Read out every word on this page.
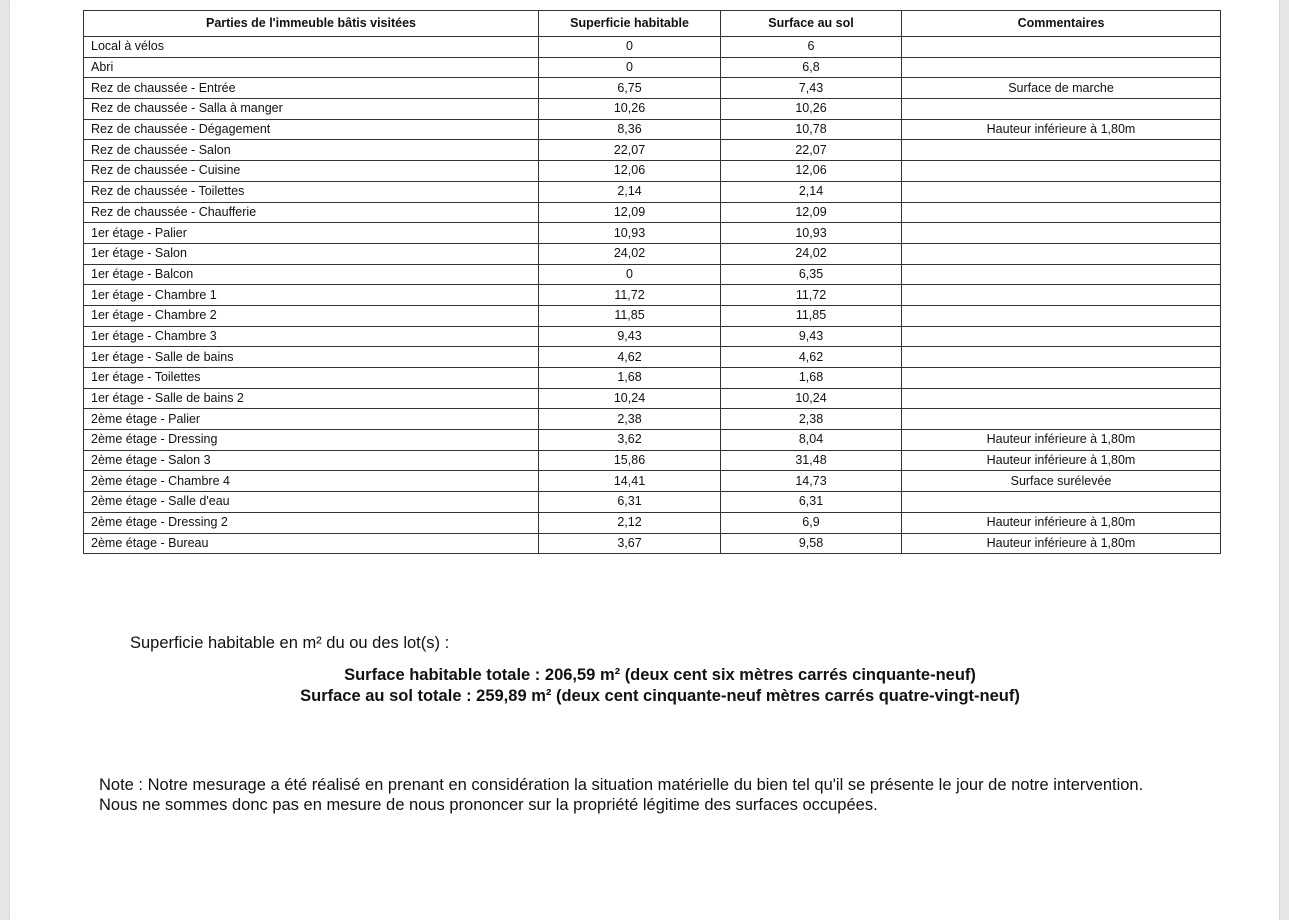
Parties de l'immeuble bâtis visitées	Superficie habitable	Surface au sol	Commentaires
Local à vélos	0	6	
Abri	0	6,8	
Rez de chaussée - Entrée	6,75	7,43	Surface de marche
Rez de chaussée - Salla à manger	10,26	10,26	
Rez de chaussée - Dégagement	8,36	10,78	Hauteur inférieure à 1,80m
Rez de chaussée - Salon	22,07	22,07	
Rez de chaussée - Cuisine	12,06	12,06	
Rez de chaussée - Toilettes	2,14	2,14	
Rez de chaussée - Chaufferie	12,09	12,09	
1er étage - Palier	10,93	10,93	
1er étage - Salon	24,02	24,02	
1er étage - Balcon	0	6,35	
1er étage - Chambre 1	11,72	11,72	
1er étage - Chambre 2	11,85	11,85	
1er étage - Chambre 3	9,43	9,43	
1er étage - Salle de bains	4,62	4,62	
1er étage - Toilettes	1,68	1,68	
1er étage - Salle de bains 2	10,24	10,24	
2ème étage - Palier	2,38	2,38	
2ème étage - Dressing	3,62	8,04	Hauteur inférieure à 1,80m
2ème étage - Salon 3	15,86	31,48	Hauteur inférieure à 1,80m
2ème étage - Chambre 4	14,41	14,73	Surface surélevée
2ème étage - Salle d'eau	6,31	6,31	
2ème étage - Dressing 2	2,12	6,9	Hauteur inférieure à 1,80m
2ème étage - Bureau	3,67	9,58	Hauteur inférieure à 1,80m
Superficie habitable en m² du ou des lot(s) :
Surface habitable totale : 206,59 m² (deux cent six mètres carrés cinquante-neuf)
Surface au sol totale : 259,89 m² (deux cent cinquante-neuf mètres carrés quatre-vingt-neuf)
Note : Notre mesurage a été réalisé en prenant en considération la situation matérielle du bien tel qu'il se présente le jour de notre intervention.
Nous ne sommes donc pas en mesure de nous prononcer sur la propriété légitime des surfaces occupées.
